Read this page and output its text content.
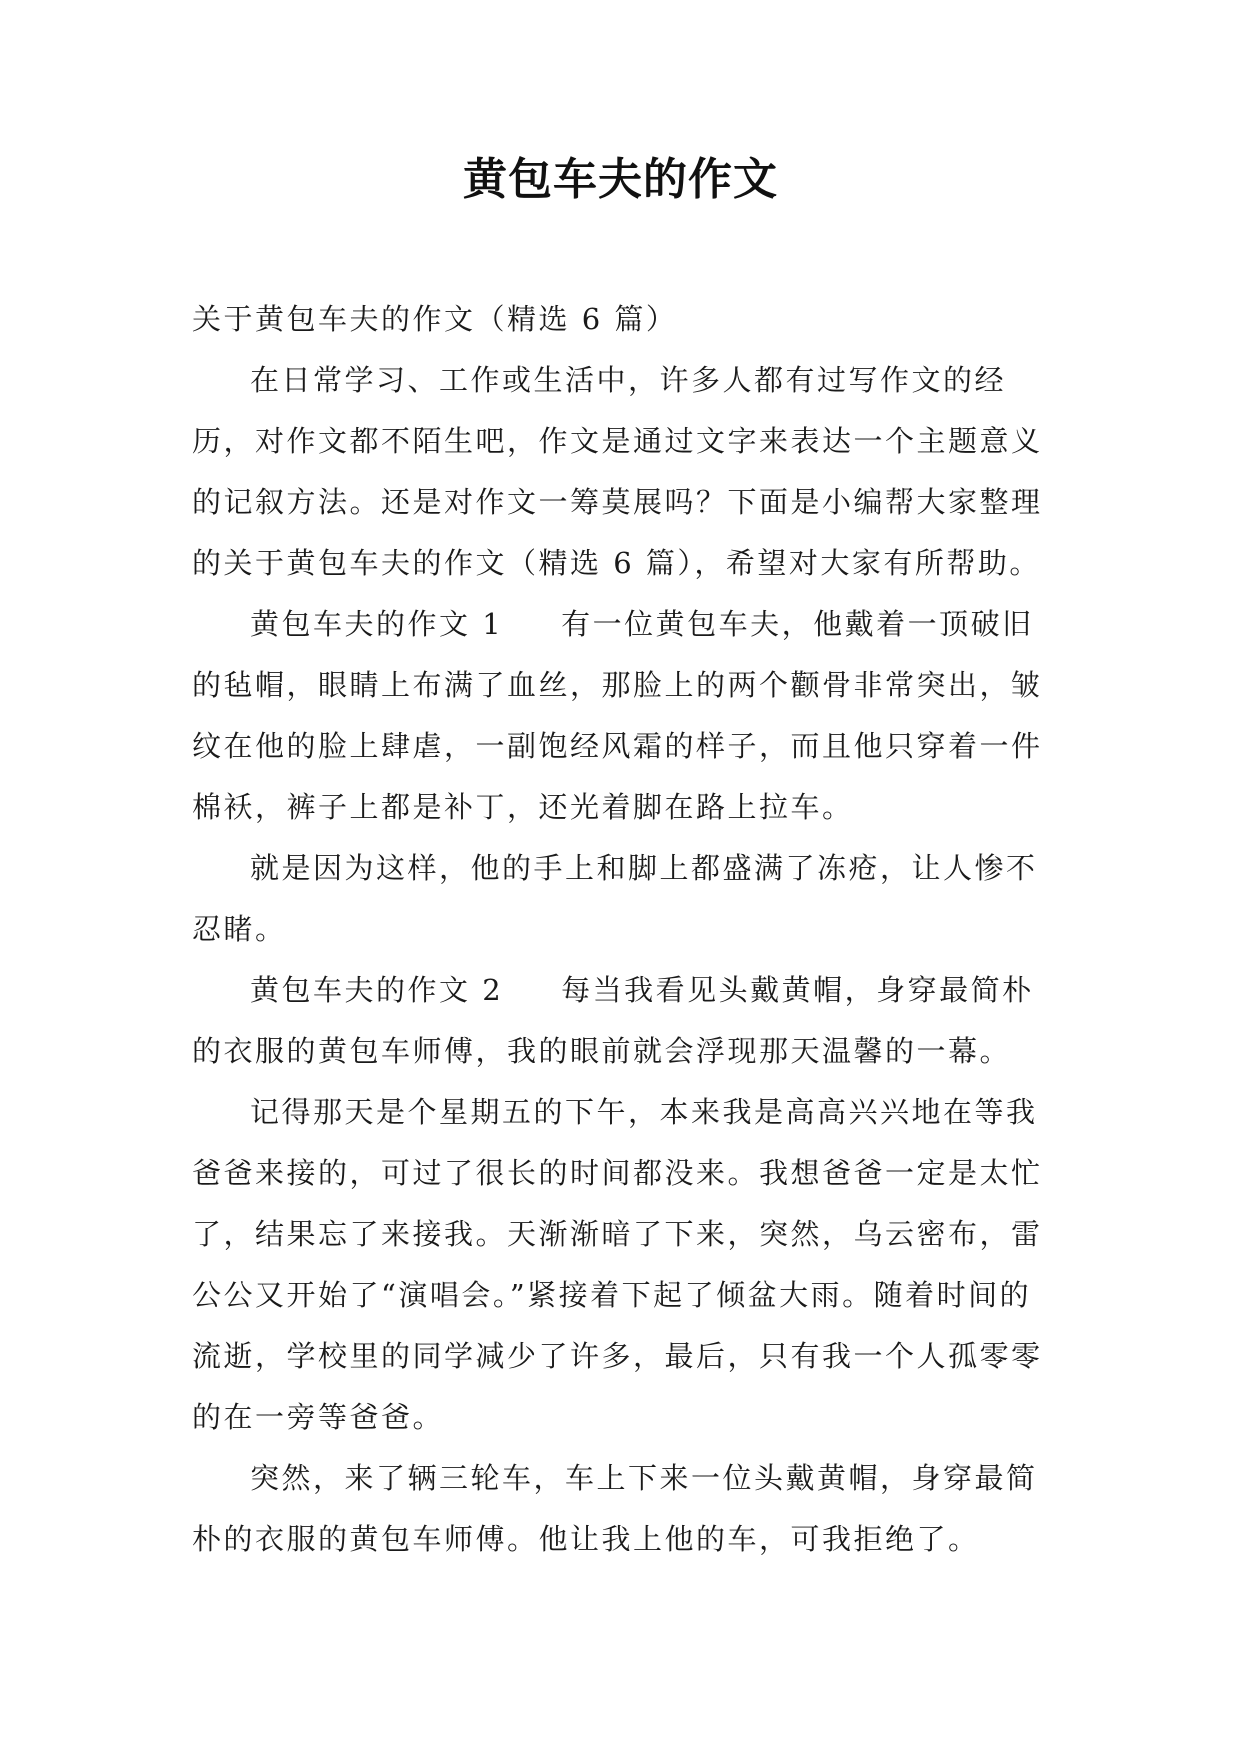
黄包车夫的作文

关于黄包车夫的作文（精选 6 篇）

在日常学习、工作或生活中，许多人都有过写作文的经历，对作文都不陌生吧，作文是通过文字来表达一个主题意义的记叙方法。还是对作文一筹莫展吗？下面是小编帮大家整理的关于黄包车夫的作文（精选 6 篇），希望对大家有所帮助。

黄包车夫的作文 1 有一位黄包车夫，他戴着一顶破旧的毡帽，眼睛上布满了血丝，那脸上的两个颧骨非常突出，皱纹在他的脸上肆虐，一副饱经风霜的样子，而且他只穿着一件棉袄，裤子上都是补丁，还光着脚在路上拉车。

就是因为这样，他的手上和脚上都盛满了冻疮，让人惨不忍睹。

黄包车夫的作文 2 每当我看见头戴黄帽，身穿最简朴的衣服的黄包车师傅，我的眼前就会浮现那天温馨的一幕。

记得那天是个星期五的下午，本来我是高高兴兴地在等我爸爸来接的，可过了很长的时间都没来。我想爸爸一定是太忙了，结果忘了来接我。天渐渐暗了下来，突然，乌云密布，雷公公又开始了“演唱会。”紧接着下起了倾盆大雨。随着时间的流逝，学校里的同学减少了许多，最后，只有我一个人孤零零的在一旁等爸爸。

突然，来了辆三轮车，车上下来一位头戴黄帽，身穿最简朴的衣服的黄包车师傅。他让我上他的车，可我拒绝了。
